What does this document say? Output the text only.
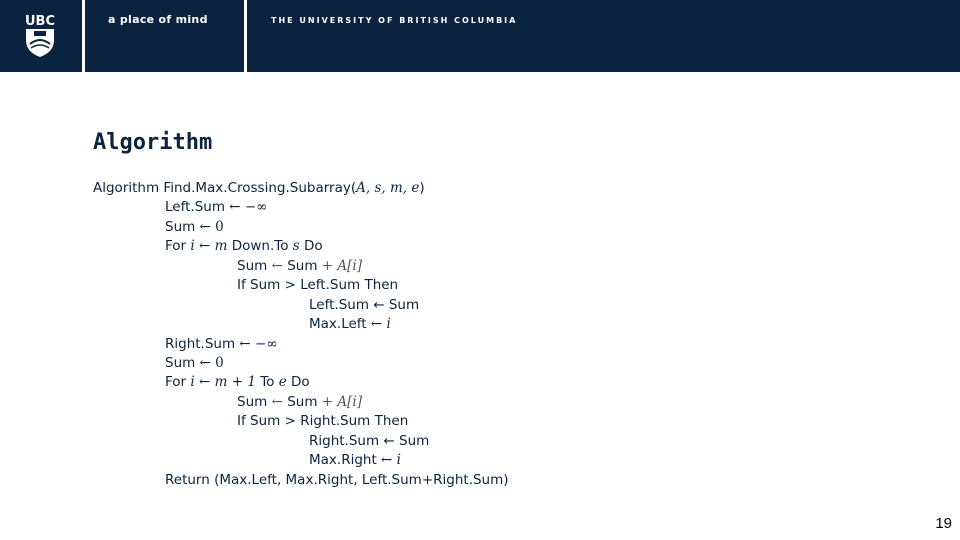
UBC	a place of mind	THE UNIVERSITY OF BRITISH COLUMBIA
Algorithm
Algorithm Find.Max.Crossing.Subarray(A, s, m, e)
Left.Sum ← −∞
Sum ← 0
For i ← m Down.To s Do
Sum ← Sum + A[i]
If Sum > Left.Sum Then
Left.Sum ← Sum
Max.Left ← i
Right.Sum ← −∞
Sum ← 0
For i ← m + 1 To e Do
Sum ← Sum + A[i]
If Sum > Right.Sum Then
Right.Sum ← Sum
Max.Right ← i
Return (Max.Left, Max.Right, Left.Sum+Right.Sum)
19
